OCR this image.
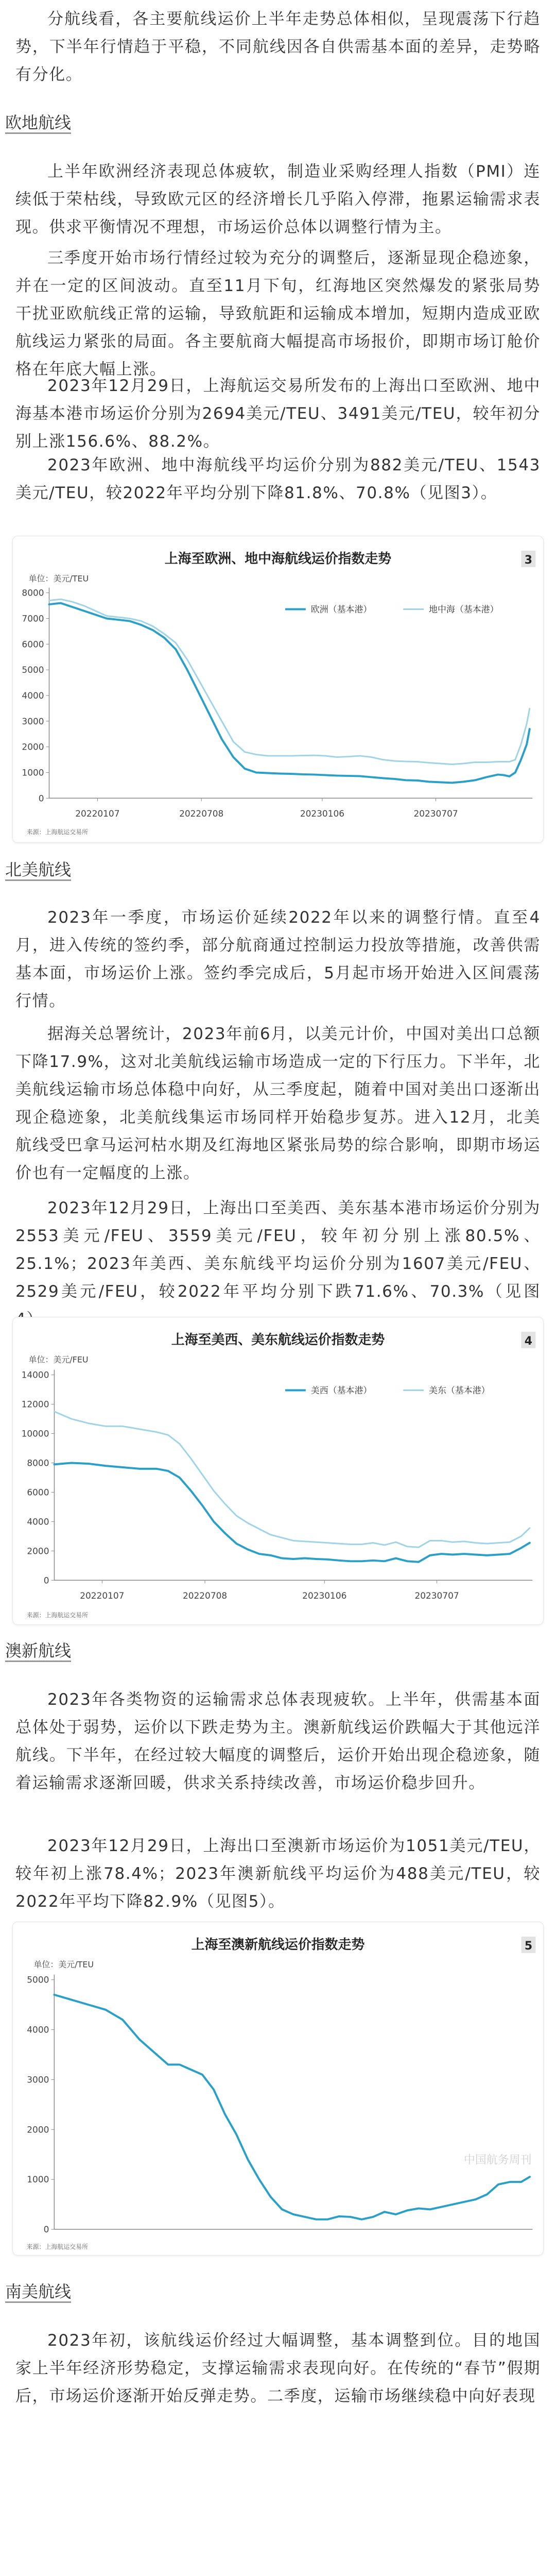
分航线看，各主要航线运价上半年走势总体相似，呈现震荡下行趋势，下半年行情趋于平稳，不同航线因各自供需基本面的差异，走势略有分化。

欧地航线

上半年欧洲经济表现总体疲软，制造业采购经理人指数（PMI）连续低于荣枯线，导致欧元区的经济增长几乎陷入停滞，拖累运输需求表现。供求平衡情况不理想，市场运价总体以调整行情为主。

三季度开始市场行情经过较为充分的调整后，逐渐显现企稳迹象，并在一定的区间波动。直至11月下旬，红海地区突然爆发的紧张局势干扰亚欧航线正常的运输，导致航距和运输成本增加，短期内造成亚欧航线运力紧张的局面。各主要航商大幅提高市场报价，即期市场订舱价格在年底大幅上涨。

2023年12月29日，上海航运交易所发布的上海出口至欧洲、地中海基本港市场运价分别为2694美元/TEU、3491美元/TEU，较年初分别上涨156.6%、88.2%。

2023年欧洲、地中海航线平均运价分别为882美元/TEU、1543美元/TEU，较2022年平均分别下降81.8%、70.8%（见图3）。

上海至欧洲、地中海航线运价指数走势	3
单位：美元/TEU
来源：上海航运交易所
0
1000
2000
3000
4000
5000
6000
7000
8000
20220107	20220708	20230106	20230707
欧洲（基本港）	地中海（基本港）
北美航线

2023年一季度，市场运价延续2022年以来的调整行情。直至4月，进入传统的签约季，部分航商通过控制运力投放等措施，改善供需基本面，市场运价上涨。签约季完成后，5月起市场开始进入区间震荡行情。

据海关总署统计，2023年前6月，以美元计价，中国对美出口总额下降17.9%，这对北美航线运输市场造成一定的下行压力。下半年，北美航线运输市场总体稳中向好，从三季度起，随着中国对美出口逐渐出现企稳迹象，北美航线集运市场同样开始稳步复苏。进入12月，北美航线受巴拿马运河枯水期及红海地区紧张局势的综合影响，即期市场运价也有一定幅度的上涨。

2023年12月29日，上海出口至美西、美东基本港市场运价分别为2553美元/FEU、3559美元/FEU，较年初分别上涨80.5%、25.1%；2023年美西、美东航线平均运价分别为1607美元/FEU、2529美元/FEU，较2022年平均分别下跌71.6%、70.3%（见图

上海至美西、美东航线运价指数走势	4
单位：美元/FEU
来源：上海航运交易所
0
2000
4000
6000
8000
10000
12000
14000
20220107	20220708	20230106	20230707
美西（基本港）	美东（基本港）
澳新航线

2023年各类物资的运输需求总体表现疲软。上半年，供需基本面总体处于弱势，运价以下跌走势为主。澳新航线运价跌幅大于其他远洋航线。下半年，在经过较大幅度的调整后，运价开始出现企稳迹象，随着运输需求逐渐回暖，供求关系持续改善，市场运价稳步回升。

2023年12月29日，上海出口至澳新市场运价为1051美元/TEU，较年初上涨78.4%；2023年澳新航线平均运价为488美元/TEU，较2022年平均下降82.9%（见图5）。

上海至澳新航线运价指数走势	5
单位：美元/TEU
来源：上海航运交易所
中国航务周刊
0
1000
2000
3000
4000
5000
南美航线

2023年初，该航线运价经过大幅调整，基本调整到位。目的地国家上半年经济形势稳定，支撑运输需求表现向好。在传统的“春节”假期后，市场运价逐渐开始反弹走势。二季度，运输市场继续稳中向好表现
